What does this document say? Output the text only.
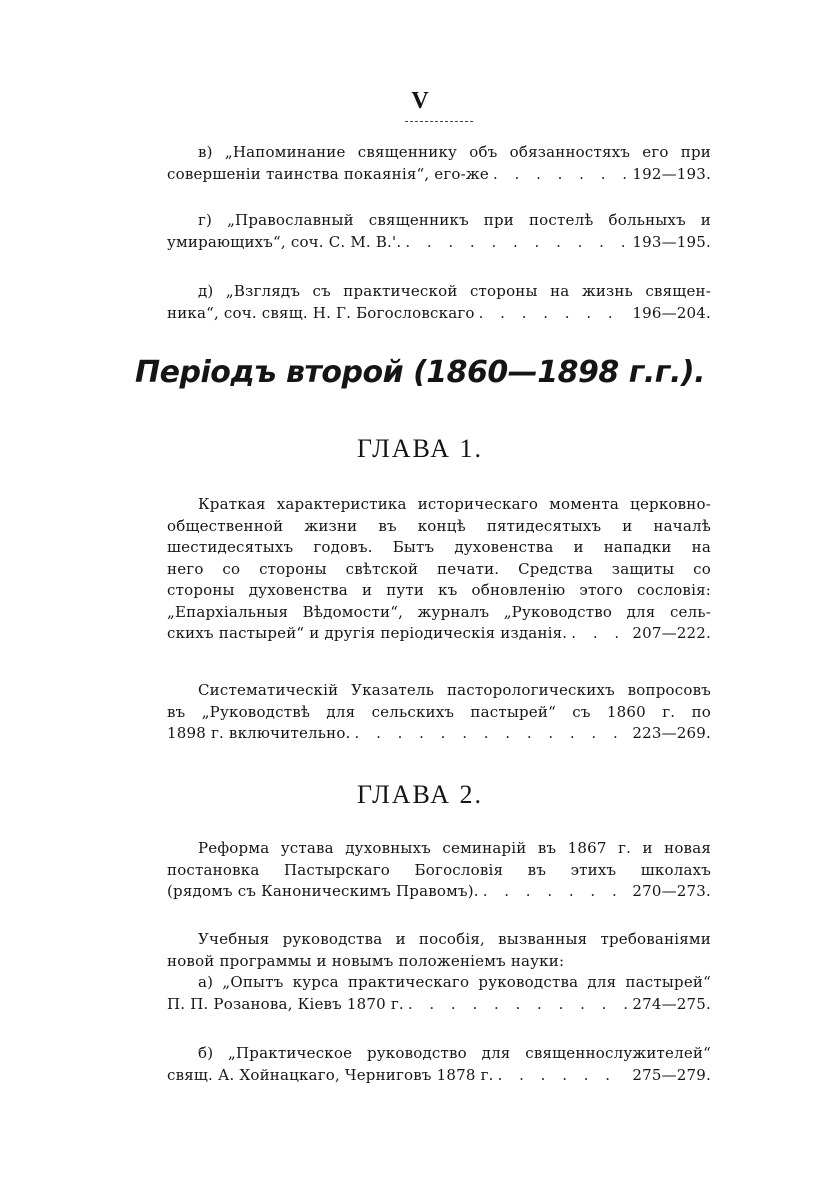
V
в) „Напоминание священнику объ обязанностяхъ его при
совершенiи таинства покаянiя“, его-же . . .	192—193.
г) „Православный священникъ при постелѣ больныхъ и
умирающихъ“, соч. С. М. В.'. . . .	193—195.
д) „Взглядъ съ практической стороны на жизнь священ-
ника“, соч. свящ. Н. Г. Богословскаго . . .	196—204.
Перiодъ второй (1860—1898 г.г.).
ГЛАВА 1.
Краткая характеристика историческаго момента церковно-
общественной жизни въ концѣ пятидесятыхъ и началѣ
шестидесятыхъ годовъ. Бытъ духовенства и нападки на
него со стороны свѣтской печати. Средства защиты со
стороны духовенства и пути къ обновленiю этого сословiя:
„Епархiальныя Вѣдомости“, журналъ „Руководство для сель-
скихъ пастырей“ и другiя перiодическiя изданiя. . . .	207—222.
Систематическiй Указатель пасторологическихъ вопросовъ
въ „Руководствѣ для сельскихъ пастырей“ съ 1860 г. по
1898 г. включительно. . . .	223—269.
ГЛАВА 2.
Реформа устава духовныхъ семинарiй въ 1867 г. и новая
постановка Пастырскаго Богословiя въ этихъ школахъ
(рядомъ съ Каноническимъ Правомъ). . . .	270—273.
Учебныя руководства и пособiя, вызванныя требованiями
новой программы и новымъ положенiемъ науки:
а) „Опытъ курса практическаго руководства для пастырей“
П. П. Розанова, Кiевъ 1870 г. . . .	274—275.
б) „Практическое руководство для священнослужителей“
свящ. А. Хойнацкаго, Черниговъ 1878 г. . . .	275—279.
